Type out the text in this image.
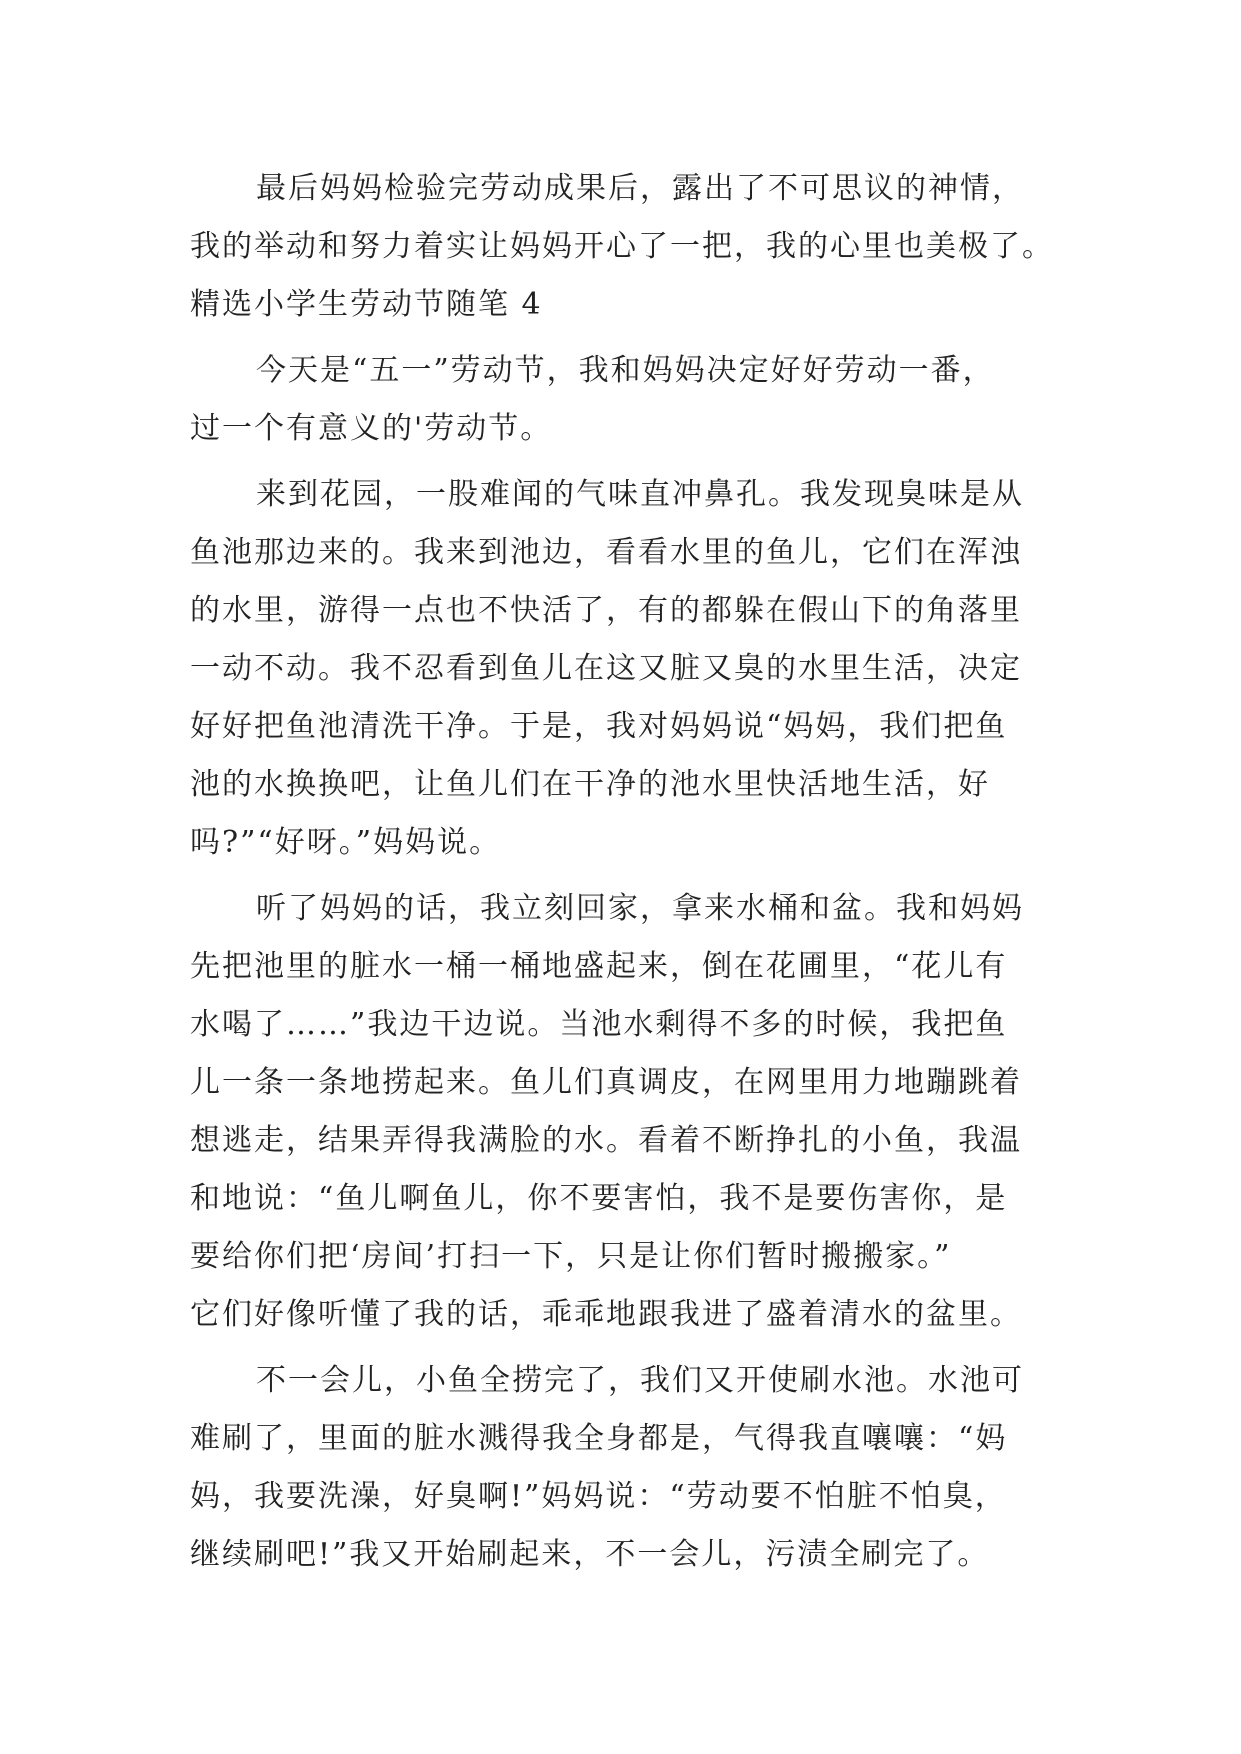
最后妈妈检验完劳动成果后，露出了不可思议的神情，
我的举动和努力着实让妈妈开心了一把，我的心里也美极了。
精选小学生劳动节随笔 4
今天是“五一”劳动节，我和妈妈决定好好劳动一番，
过一个有意义的'劳动节。
来到花园，一股难闻的气味直冲鼻孔。我发现臭味是从
鱼池那边来的。我来到池边，看看水里的鱼儿，它们在浑浊
的水里，游得一点也不快活了，有的都躲在假山下的角落里
一动不动。我不忍看到鱼儿在这又脏又臭的水里生活，决定
好好把鱼池清洗干净。于是，我对妈妈说“妈妈，我们把鱼
池的水换换吧，让鱼儿们在干净的池水里快活地生活，好
吗?”“好呀。”妈妈说。
听了妈妈的话，我立刻回家，拿来水桶和盆。我和妈妈
先把池里的脏水一桶一桶地盛起来，倒在花圃里，“花儿有
水喝了……”我边干边说。当池水剩得不多的时候，我把鱼
儿一条一条地捞起来。鱼儿们真调皮，在网里用力地蹦跳着
想逃走，结果弄得我满脸的水。看着不断挣扎的小鱼，我温
和地说：“鱼儿啊鱼儿，你不要害怕，我不是要伤害你，是
要给你们把‘房间’打扫一下，只是让你们暂时搬搬家。”
它们好像听懂了我的话，乖乖地跟我进了盛着清水的盆里。
不一会儿，小鱼全捞完了，我们又开使刷水池。水池可
难刷了，里面的脏水溅得我全身都是，气得我直嚷嚷：“妈
妈，我要洗澡，好臭啊!”妈妈说：“劳动要不怕脏不怕臭，
继续刷吧!”我又开始刷起来，不一会儿，污渍全刷完了。
